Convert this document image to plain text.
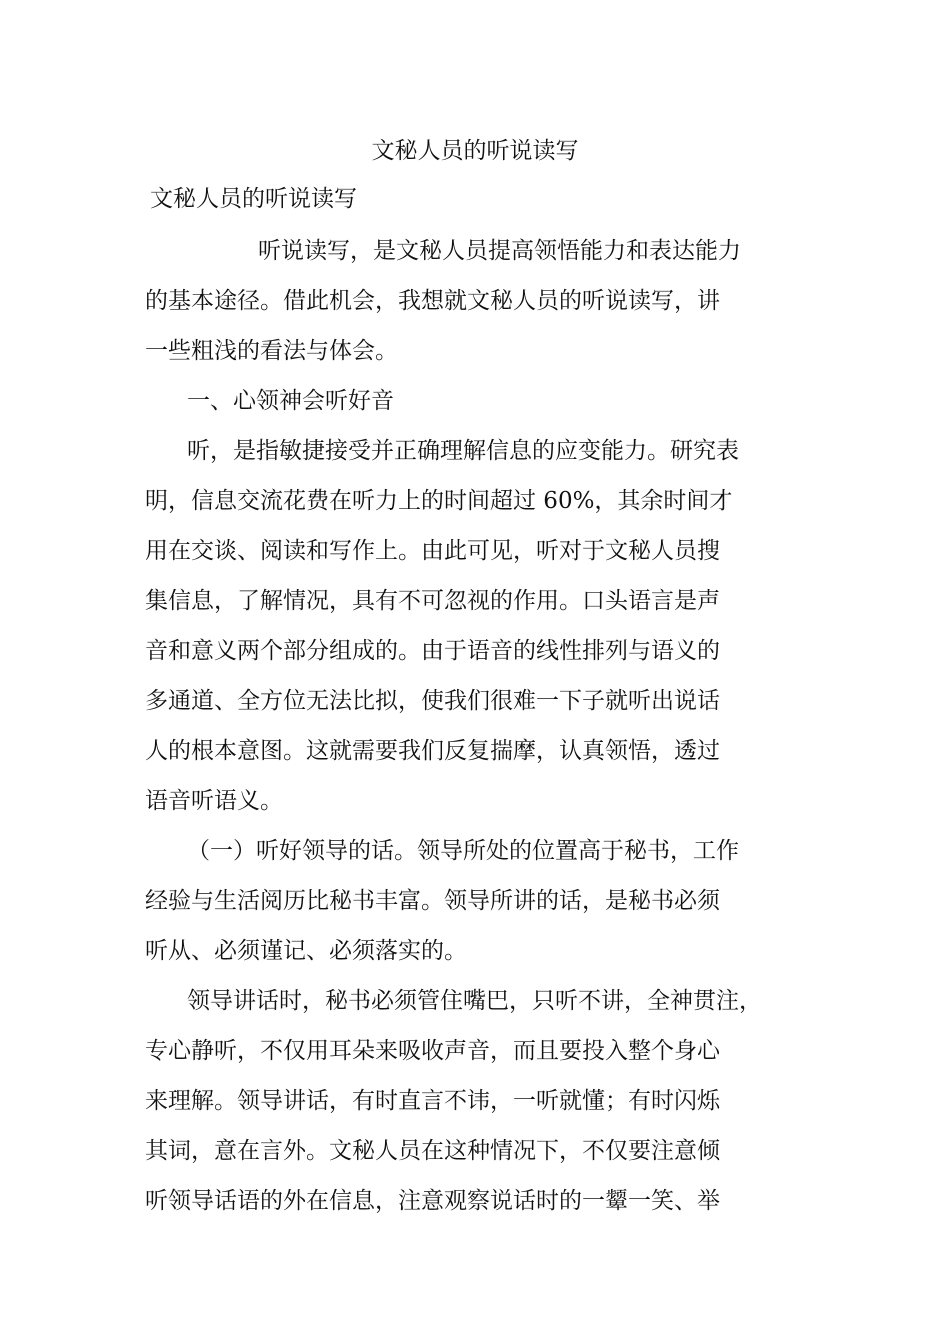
文秘人员的听说读写

文秘人员的听说读写

听说读写，是文秘人员提高领悟能力和表达能力

的基本途径。借此机会，我想就文秘人员的听说读写，讲

一些粗浅的看法与体会。

一、心领神会听好音

听，是指敏捷接受并正确理解信息的应变能力。研究表

明，信息交流花费在听力上的时间超过 60%，其余时间才

用在交谈、阅读和写作上。由此可见，听对于文秘人员搜

集信息，了解情况，具有不可忽视的作用。口头语言是声

音和意义两个部分组成的。由于语音的线性排列与语义的

多通道、全方位无法比拟，使我们很难一下子就听出说话

人的根本意图。这就需要我们反复揣摩，认真领悟，透过

语音听语义。

（一）听好领导的话。领导所处的位置高于秘书，工作

经验与生活阅历比秘书丰富。领导所讲的话，是秘书必须

听从、必须谨记、必须落实的。

领导讲话时，秘书必须管住嘴巴，只听不讲，全神贯注，

专心静听，不仅用耳朵来吸收声音，而且要投入整个身心

来理解。领导讲话，有时直言不讳，一听就懂；有时闪烁

其词，意在言外。文秘人员在这种情况下，不仅要注意倾

听领导话语的外在信息，注意观察说话时的一颦一笑、举
